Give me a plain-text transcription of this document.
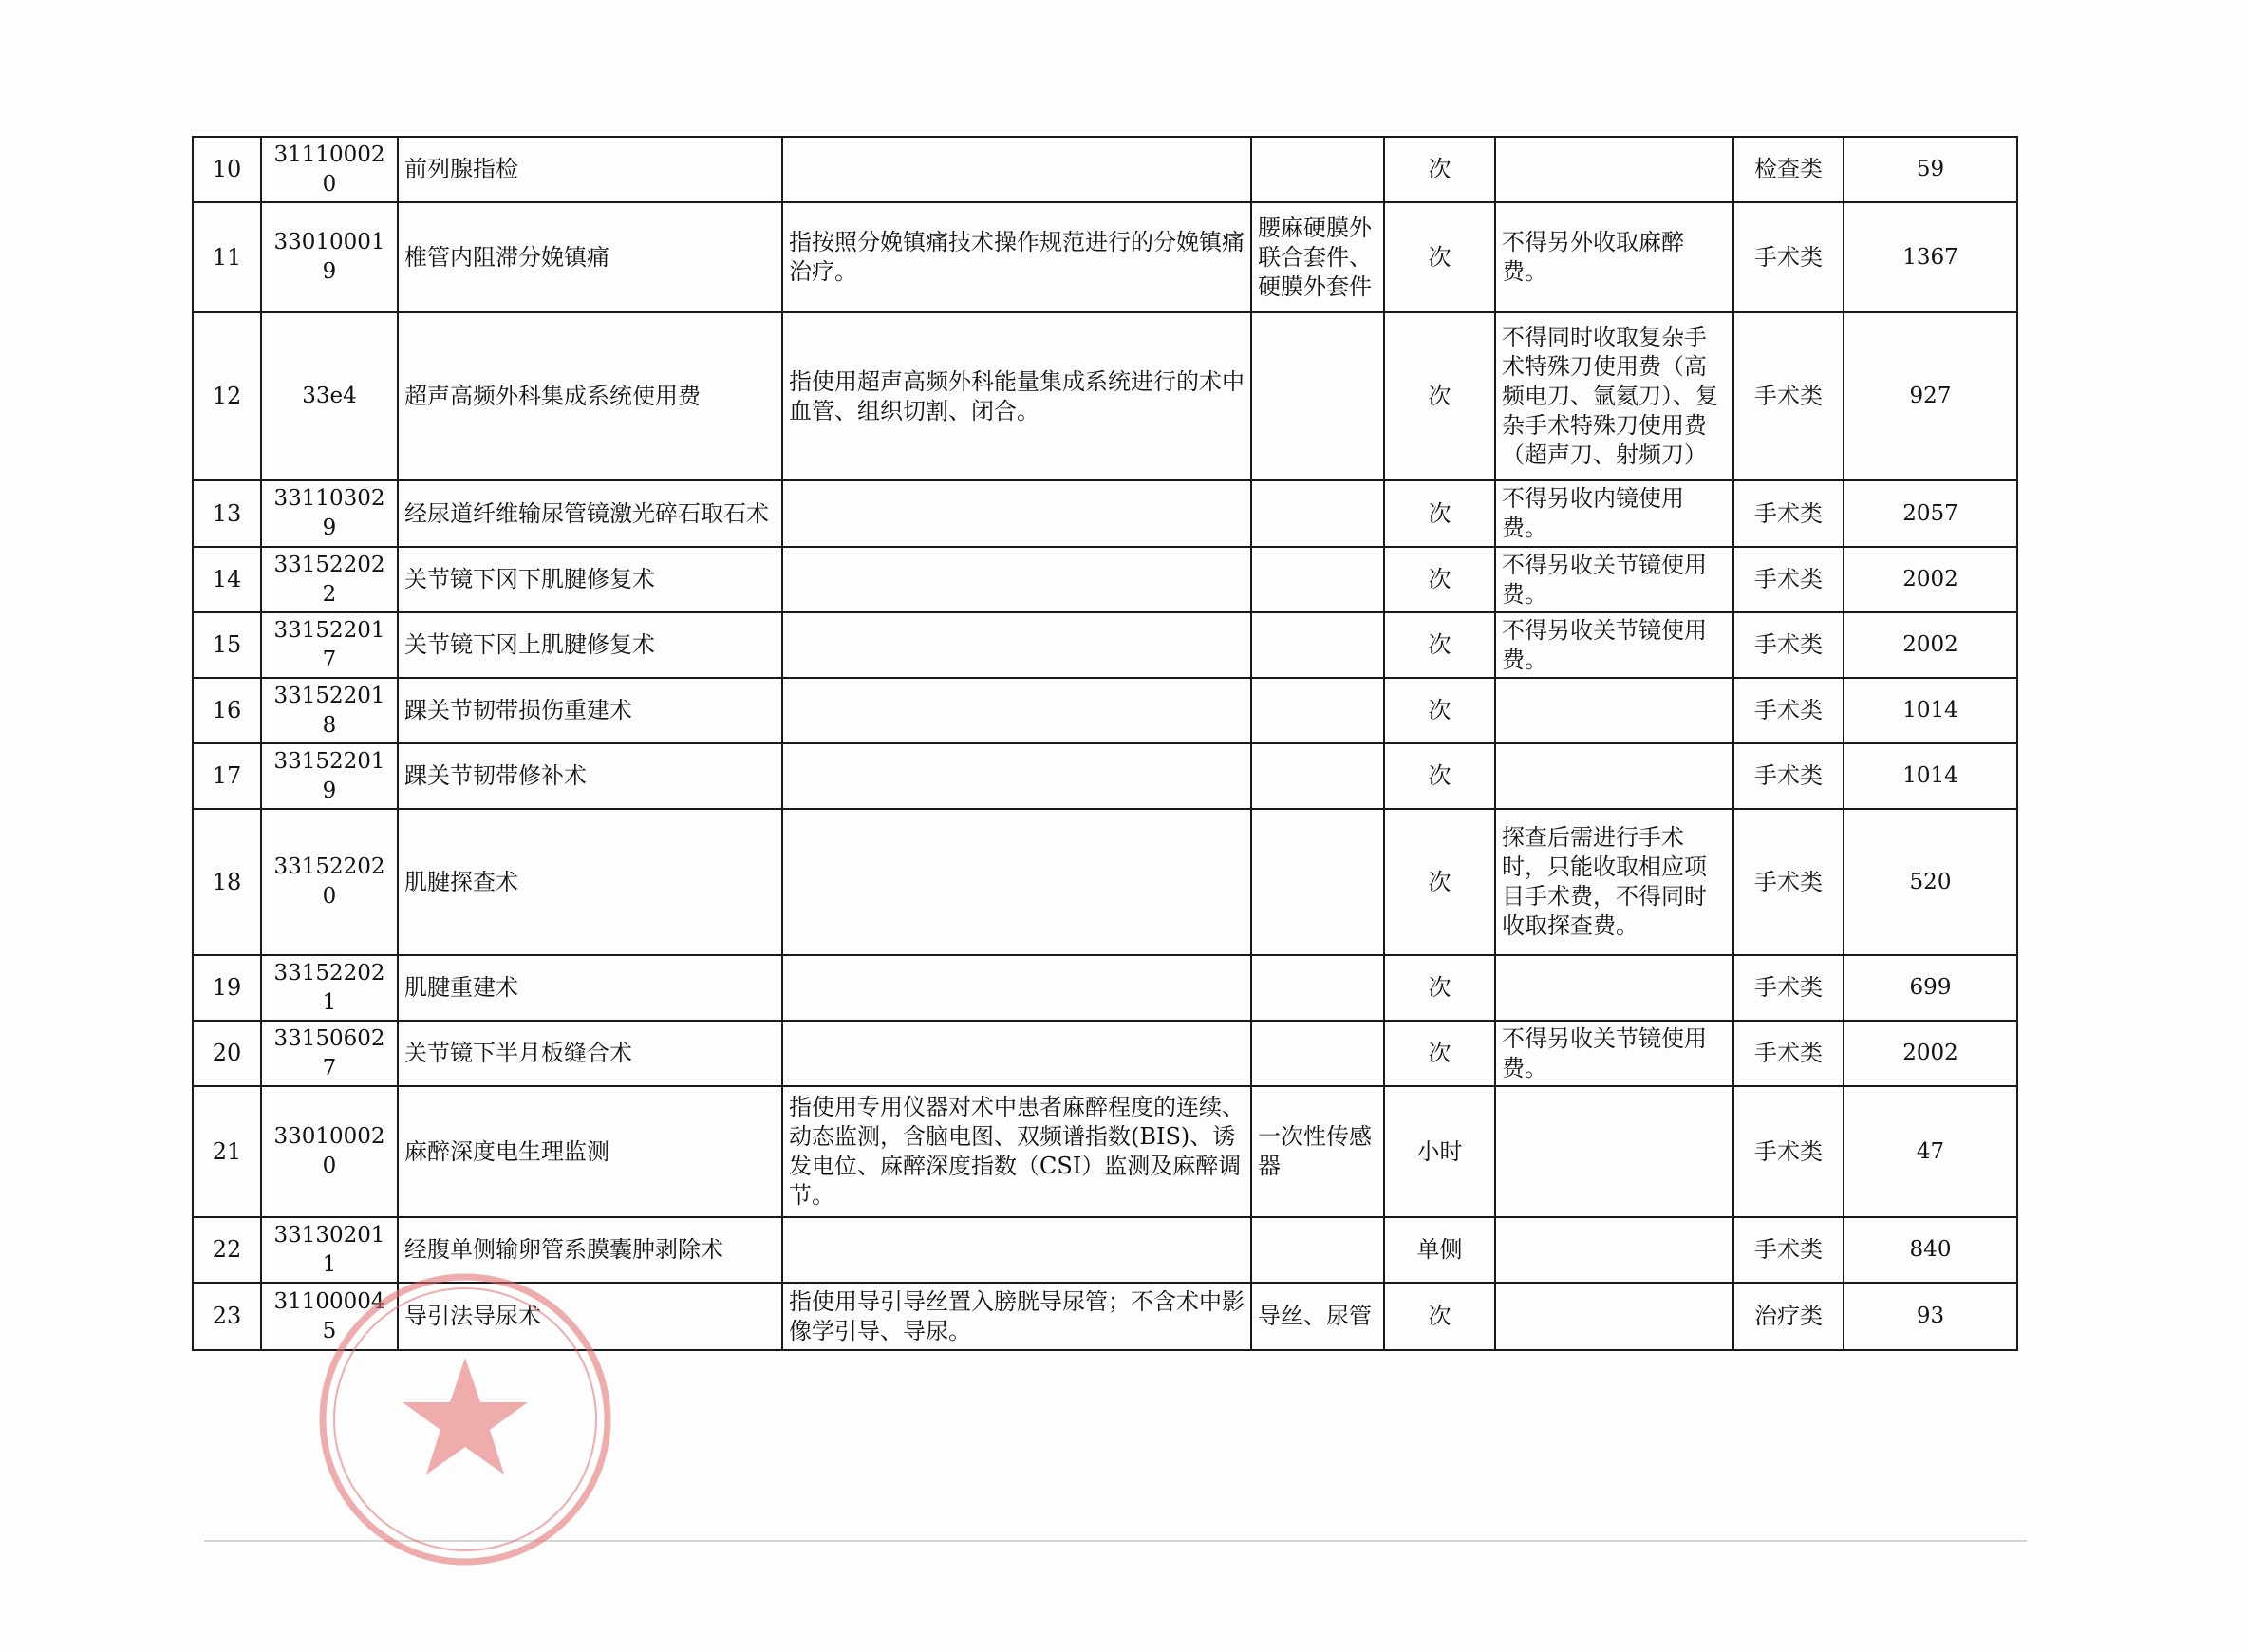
10	311100020	前列腺指检			次		检查类	59
11	330100019	椎管内阻滞分娩镇痛	指按照分娩镇痛技术操作规范进行的分娩镇痛治疗。	腰麻硬膜外联合套件、硬膜外套件	次	不得另外收取麻醉费。	手术类	1367
12	33e4	超声高频外科集成系统使用费	指使用超声高频外科能量集成系统进行的术中血管、组织切割、闭合。		次	不得同时收取复杂手术特殊刀使用费（高频电刀、氩氦刀）、复杂手术特殊刀使用费（超声刀、射频刀）	手术类	927
13	331103029	经尿道纤维输尿管镜激光碎石取石术			次	不得另收内镜使用费。	手术类	2057
14	331522022	关节镜下冈下肌腱修复术			次	不得另收关节镜使用费。	手术类	2002
15	331522017	关节镜下冈上肌腱修复术			次	不得另收关节镜使用费。	手术类	2002
16	331522018	踝关节韧带损伤重建术			次		手术类	1014
17	331522019	踝关节韧带修补术			次		手术类	1014
18	331522020	肌腱探查术			次	探查后需进行手术时，只能收取相应项目手术费，不得同时收取探查费。	手术类	520
19	331522021	肌腱重建术			次		手术类	699
20	331506027	关节镜下半月板缝合术			次	不得另收关节镜使用费。	手术类	2002
21	330100020	麻醉深度电生理监测	指使用专用仪器对术中患者麻醉程度的连续、动态监测，含脑电图、双频谱指数(BIS)、诱发电位、麻醉深度指数（CSI）监测及麻醉调节。	一次性传感器	小时		手术类	47
22	331302011	经腹单侧输卵管系膜囊肿剥除术			单侧		手术类	840
23	311000045	导引法导尿术	指使用导引导丝置入膀胱导尿管；不含术中影像学引导、导尿。	导丝、尿管	次		治疗类	93
